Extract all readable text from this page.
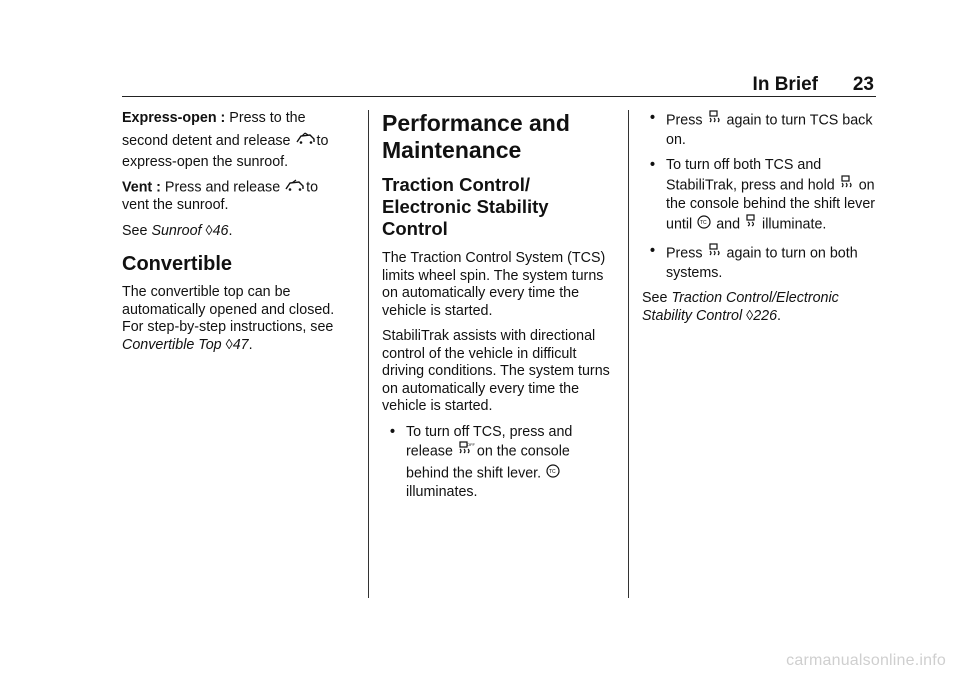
In Brief 23

Express-open : Press to the
second detent and release to
express-open the sunroof.

Vent : Press and release to
vent the sunroof.

See Sunroof ◊46.

Convertible

The convertible top can be automatically opened and closed. For step-by-step instructions, see Convertible Top ◊47.

Performance and Maintenance
Traction Control/ Electronic Stability Control

The Traction Control System (TCS) limits wheel spin. The system turns on automatically every time the vehicle is started.

StabiliTrak assists with directional control of the vehicle in difficult driving conditions. The system turns on automatically every time the vehicle is started.

• To turn off TCS, press and release	OFF on the console behind the shift lever. TC

illuminates.
• Press again to turn TCS back on.
• To turn off both TCS and StabiliTrak, press and hold on the console behind the shift lever until TC and illuminate.
• Press again to turn on both systems.

See Traction Control/Electronic Stability Control ◊226.

carmanualsonline.info
